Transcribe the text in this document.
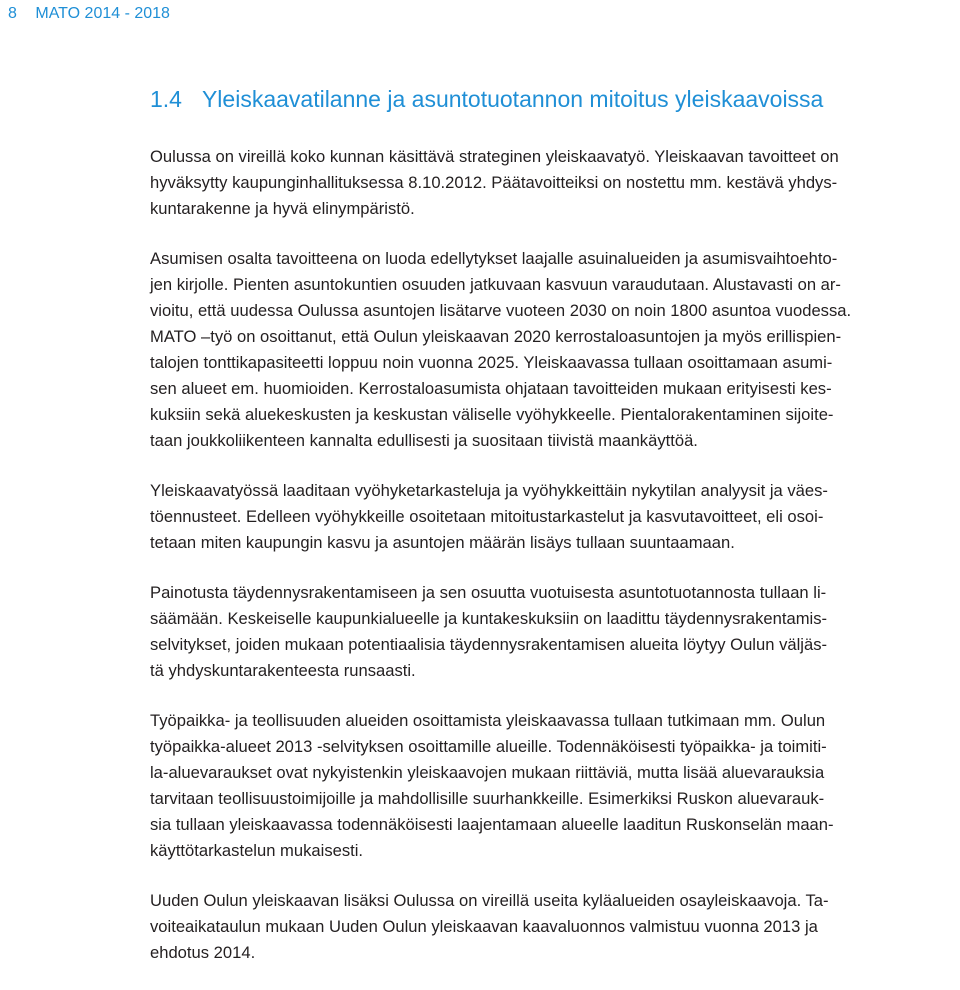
8 MATO 2014 - 2018
1.4 Yleiskaavatilanne ja asuntotuotannon mitoitus yleiskaavoissa

Oulussa on vireillä koko kunnan käsittävä strateginen yleiskaavatyö. Yleiskaavan tavoitteet on
hyväksytty kaupunginhallituksessa 8.10.2012. Päätavoitteiksi on nostettu mm. kestävä yhdys-
kuntarakenne ja hyvä elinympäristö.

Asumisen osalta tavoitteena on luoda edellytykset laajalle asuinalueiden ja asumisvaihtoehto-
jen kirjolle. Pienten asuntokuntien osuuden jatkuvaan kasvuun varaudutaan. Alustavasti on ar-
vioitu, että uudessa Oulussa asuntojen lisätarve vuoteen 2030 on noin 1800 asuntoa vuodessa.
MATO –työ on osoittanut, että Oulun yleiskaavan 2020 kerrostaloasuntojen ja myös erillispien-
talojen tonttikapasiteetti loppuu noin vuonna 2025. Yleiskaavassa tullaan osoittamaan asumi-
sen alueet em. huomioiden. Kerrostaloasumista ohjataan tavoitteiden mukaan erityisesti kes-
kuksiin sekä aluekeskusten ja keskustan väliselle vyöhykkeelle. Pientalorakentaminen sijoite-
taan joukkoliikenteen kannalta edullisesti ja suositaan tiivistä maankäyttöä.

Yleiskaavatyössä laaditaan vyöhyketarkasteluja ja vyöhykkeittäin nykytilan analyysit ja väes-
töennusteet. Edelleen vyöhykkeille osoitetaan mitoitustarkastelut ja kasvutavoitteet, eli osoi-
tetaan miten kaupungin kasvu ja asuntojen määrän lisäys tullaan suuntaamaan.

Painotusta täydennysrakentamiseen ja sen osuutta vuotuisesta asuntotuotannosta tullaan li-
säämään. Keskeiselle kaupunkialueelle ja kuntakeskuksiin on laadittu täydennysrakentamis-
selvitykset, joiden mukaan potentiaalisia täydennysrakentamisen alueita löytyy Oulun väljäs-
tä yhdyskuntarakenteesta runsaasti.

Työpaikka- ja teollisuuden alueiden osoittamista yleiskaavassa tullaan tutkimaan mm. Oulun
työpaikka-alueet 2013 -selvityksen osoittamille alueille. Todennäköisesti työpaikka- ja toimiti-
la-aluevaraukset ovat nykyistenkin yleiskaavojen mukaan riittäviä, mutta lisää aluevarauksia
tarvitaan teollisuustoimijoille ja mahdollisille suurhankkeille. Esimerkiksi Ruskon aluevarauk-
sia tullaan yleiskaavassa todennäköisesti laajentamaan alueelle laaditun Ruskonselän maan-
käyttötarkastelun mukaisesti.

Uuden Oulun yleiskaavan lisäksi Oulussa on vireillä useita kyläalueiden osayleiskaavoja. Ta-
voiteaikataulun mukaan Uuden Oulun yleiskaavan kaavaluonnos valmistuu vuonna 2013 ja
ehdotus 2014.
